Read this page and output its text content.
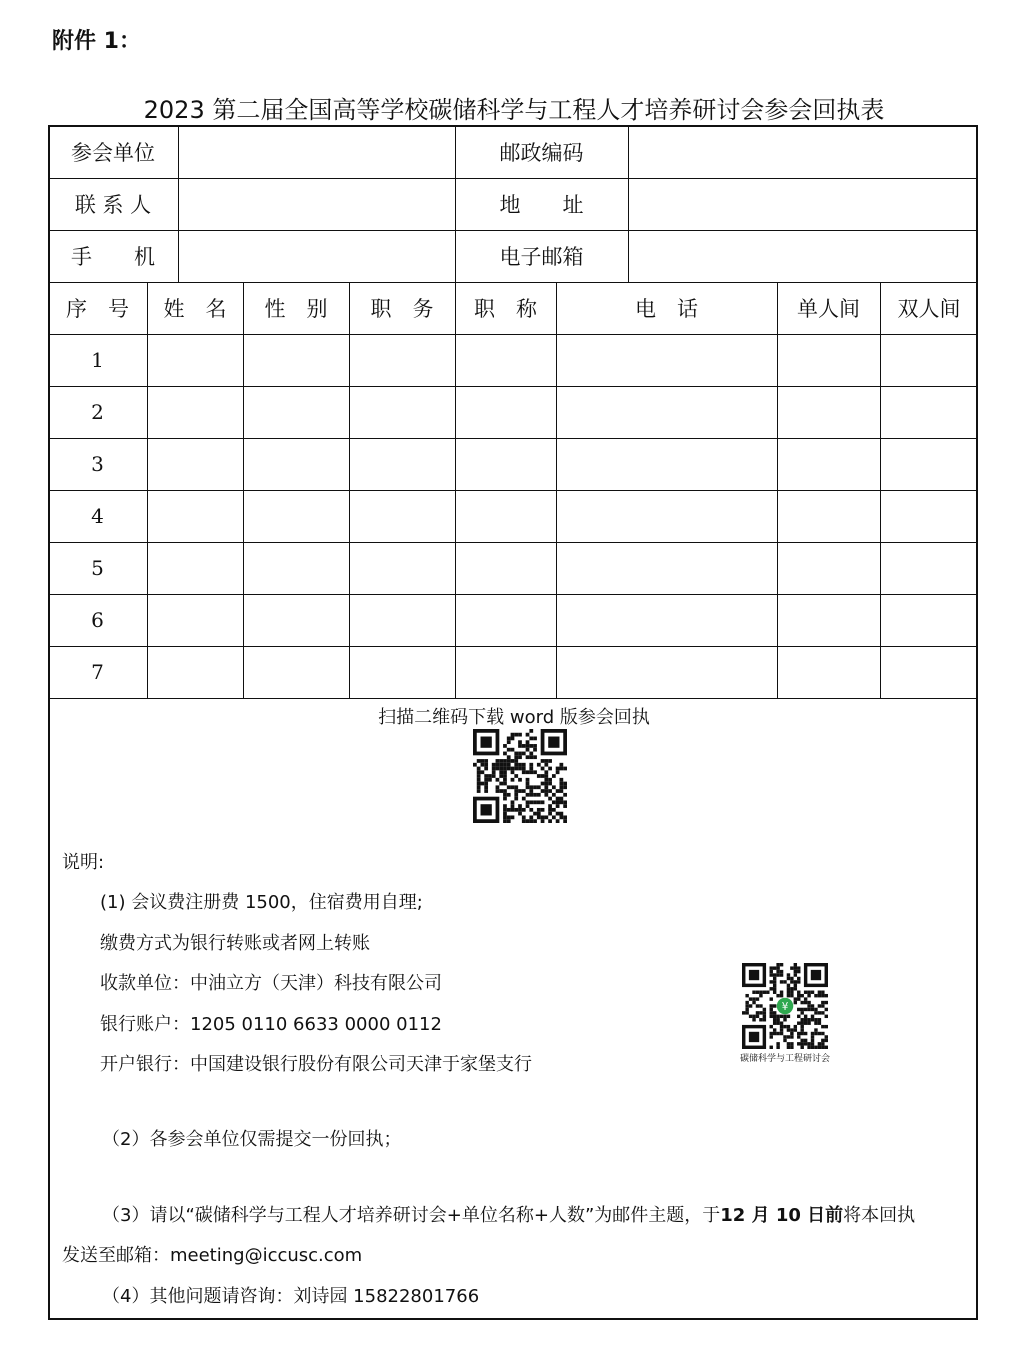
附件 1：
2023 第二届全国高等学校碳储科学与工程人才培养研讨会参会回执表
参会单位	邮政编码
联 系 人	地　　址
手　　机	电子邮箱
序　号	姓　名	性　别	职　务	职　称	电　话	单人间	双人间
1
2
3
4
5
6
7
扫描二维码下载 word 版参会回执
说明:
(1) 会议费注册费 1500，住宿费用自理;
缴费方式为银行转账或者网上转账
收款单位：中油立方（天津）科技有限公司
银行账户：1205 0110 6633 0000 0112
开户银行：中国建设银行股份有限公司天津于家堡支行
（2）各参会单位仅需提交一份回执；
（3）请以“碳储科学与工程人才培养研讨会+单位名称+人数”为邮件主题，于12 月 10 日前将本回执
发送至邮箱：meeting@iccusc.com
（4）其他问题请咨询：刘诗园 15822801766
¥
碳储科学与工程研讨会
